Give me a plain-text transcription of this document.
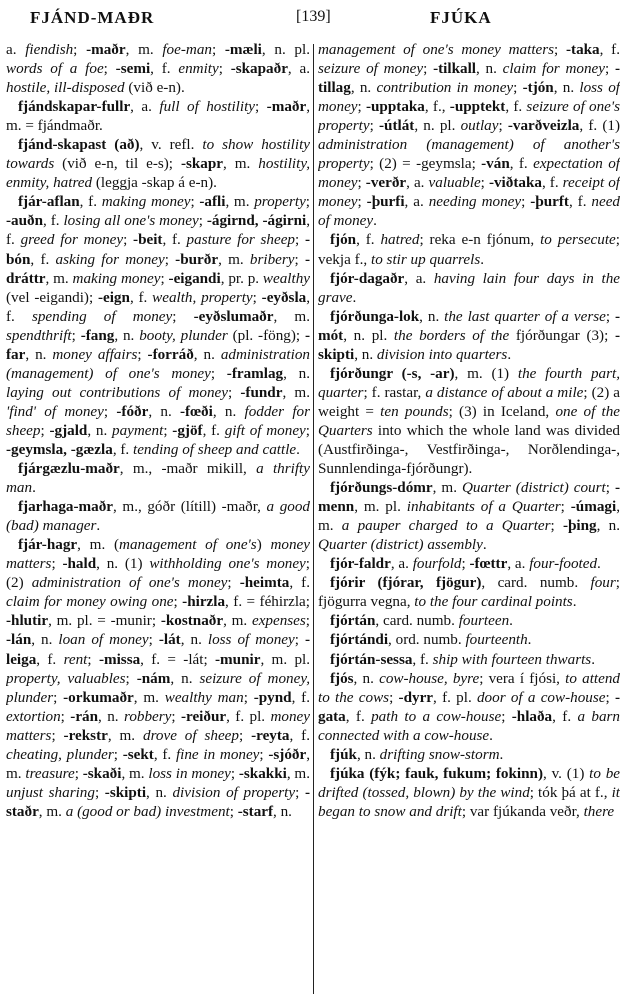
FJÁND-MAÐR	[139]	FJÚKA

a. fiendish; -maðr, m. foe-man; -mæli, n. pl. words of a foe; -semi, f. enmity; -skapaðr, a. hostile, ill-disposed (við e-n).

fjándskapar-fullr, a. full of hostility; -maðr, m. = fjándmaðr.

fjánd-skapast (að), v. refl. to show hostility towards (við e-n, til e-s); -skapr, m. hostility, enmity, hatred (leggja -skap á e-n).

fjár-aflan, f. making money; -afli, m. property; -auðn, f. losing all one's money; -ágirnd, -ágirni, f. greed for money; -beit, f. pasture for sheep; -bón, f. asking for money; -burðr, m. bribery; -dráttr, m. making money; -eigandi, pr. p. wealthy (vel -eigandi); -eign, f. wealth, property; -eyðsla, f. spending of money; -eyðslumaðr, m. spendthrift; -fang, n. booty, plunder (pl. -föng); -far, n. money affairs; -forráð, n. administration (management) of one's money; -framlag, n. laying out contributions of money; -fundr, m. 'find' of money; -fóðr, n. -fœði, n. fodder for sheep; -gjald, n. payment; -gjöf, f. gift of money; -geymsla, -gæzla, f. tending of sheep and cattle.

fjárgæzlu-maðr, m., -maðr mikill, a thrifty man.

fjarhaga-maðr, m., góðr (lítill) -maðr, a good (bad) manager.

fjár-hagr, m. (management of one's) money matters; -hald, n. (1) withholding one's money; (2) administration of one's money; -heimta, f. claim for money owing one; -hirzla, f. = féhirzla; -hlutir, m. pl. = -munir; -kostnaðr, m. expenses; -lán, n. loan of money; -lát, n. loss of money; -leiga, f. rent; -missa, f. = -lát; -munir, m. pl. property, valuables; -nám, n. seizure of money, plunder; -orkumaðr, m. wealthy man; -pynd, f. extortion; -rán, n. robbery; -reiður, f. pl. money matters; -rekstr, m. drove of sheep; -reyta, f. cheating, plunder; -sekt, f. fine in money; -sjóðr, m. treasure; -skaði, m. loss in money; -skakki, m. unjust sharing; -skipti, n. division of property; -staðr, m. a (good or bad) investment; -starf, n.

management of one's money matters; -taka, f. seizure of money; -tilkall, n. claim for money; -tillag, n. contribution in money; -tjón, n. loss of money; -upptaka, f., -upptekt, f. seizure of one's property; -útlát, n. pl. outlay; -varðveizla, f. (1) administration (management) of another's property; (2) = -geymsla; -ván, f. expectation of money; -verðr, a. valuable; -viðtaka, f. receipt of money; -þurfi, a. needing money; -þurft, f. need of money.

fjón, f. hatred; reka e-n fjónum, to persecute; vekja f., to stir up quarrels.

fjór-dagaðr, a. having lain four days in the grave.

fjórðunga-lok, n. the last quarter of a verse; -mót, n. pl. the borders of the fjórðungar (3); -skipti, n. division into quarters.

fjórðungr (-s, -ar), m. (1) the fourth part, quarter; f. rastar, a distance of about a mile; (2) a weight = ten pounds; (3) in Iceland, one of the Quarters into which the whole land was divided (Austfirðinga-, Vestfirðinga-, Norðlendinga-, Sunnlendinga-fjórðungr).

fjórðungs-dómr, m. Quarter (district) court; -menn, m. pl. inhabitants of a Quarter; -úmagi, m. a pauper charged to a Quarter; -þing, n. Quarter (district) assembly.

fjór-faldr, a. fourfold; -fœttr, a. four-footed.

fjórir (fjórar, fjögur), card. numb. four; fjögurra vegna, to the four cardinal points.

fjórtán, card. numb. fourteen.

fjórtándi, ord. numb. fourteenth.

fjórtán-sessa, f. ship with fourteen thwarts.

fjós, n. cow-house, byre; vera í fjósi, to attend to the cows; -dyrr, f. pl. door of a cow-house; -gata, f. path to a cow-house; -hlaða, f. a barn connected with a cow-house.

fjúk, n. drifting snow-storm.

fjúka (fýk; fauk, fukum; fokinn), v. (1) to be drifted (tossed, blown) by the wind; tók þá at f., it began to snow and drift; var fjúkanda veðr, there
